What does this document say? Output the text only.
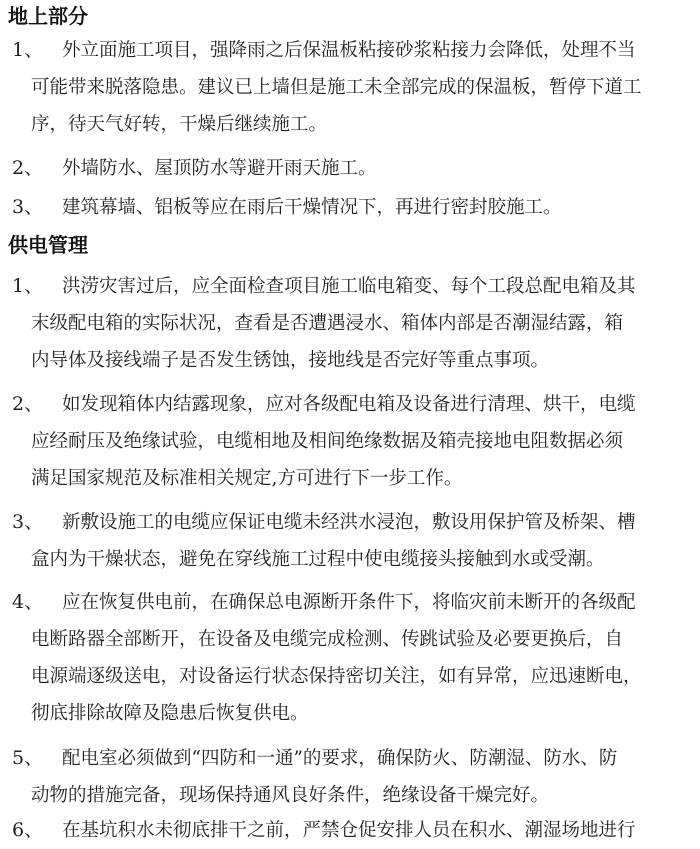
地上部分
1、	外立面施工项目，强降雨之后保温板粘接砂浆粘接力会降低，处理不当
可能带来脱落隐患。建议已上墙但是施工未全部完成的保温板，暂停下道工
序，待天气好转，干燥后继续施工。
2、	外墙防水、屋顶防水等避开雨天施工。
3、	建筑幕墙、铝板等应在雨后干燥情况下，再进行密封胶施工。
供电管理
1、	洪涝灾害过后，应全面检查项目施工临电箱变、每个工段总配电箱及其
末级配电箱的实际状况，查看是否遭遇浸水、箱体内部是否潮湿结露，箱
内导体及接线端子是否发生锈蚀，接地线是否完好等重点事项。
2、	如发现箱体内结露现象，应对各级配电箱及设备进行清理、烘干，电缆
应经耐压及绝缘试验，电缆相地及相间绝缘数据及箱壳接地电阻数据必须
满足国家规范及标准相关规定,方可进行下一步工作。
3、	新敷设施工的电缆应保证电缆未经洪水浸泡，敷设用保护管及桥架、槽
盒内为干燥状态，避免在穿线施工过程中使电缆接头接触到水或受潮。
4、	应在恢复供电前，在确保总电源断开条件下，将临灾前未断开的各级配
电断路器全部断开，在设备及电缆完成检测、传跳试验及必要更换后，自
电源端逐级送电，对设备运行状态保持密切关注，如有异常，应迅速断电，
彻底排除故障及隐患后恢复供电。
5、	配电室必须做到“四防和一通”的要求，确保防火、防潮湿、防水、防
动物的措施完备，现场保持通风良好条件，绝缘设备干燥完好。
6、	在基坑积水未彻底排干之前，严禁仓促安排人员在积水、潮湿场地进行
